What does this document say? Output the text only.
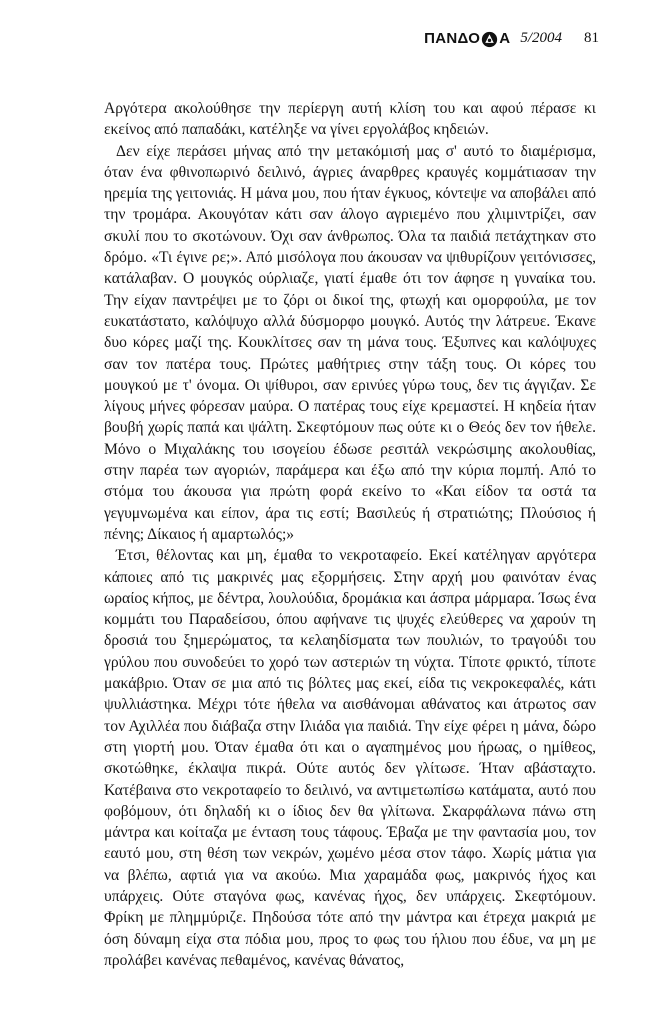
ΠΑΝΔΟ Α 5/2004 81

Αργότερα ακολούθησε την περίεργη αυτή κλίση του και αφού πέρασε κι εκείνος από παπαδάκι, κατέληξε να γίνει εργολάβος κηδειών.

Δεν είχε περάσει μήνας από την μετακόμισή μας σ' αυτό το διαμέρισμα, όταν ένα φθινοπωρινό δειλινό, άγριες άναρθρες κραυγές κομμάτιασαν την ηρεμία της γειτονιάς. Η μάνα μου, που ήταν έγκυος, κόντεψε να αποβάλει από την τρομάρα. Ακουγόταν κάτι σαν άλογο αγριεμένο που χλιμιντρίζει, σαν σκυλί που το σκοτώνουν. Όχι σαν άνθρωπος. Όλα τα παιδιά πετάχτηκαν στο δρόμο. «Τι έγινε ρε;». Από μισόλογα που άκουσαν να ψιθυρίζουν γειτόνισσες, κατάλαβαν. Ο μουγκός ούρλιαζε, γιατί έμαθε ότι τον άφησε η γυναίκα του. Την είχαν παντρέψει με το ζόρι οι δικοί της, φτωχή και ομορφούλα, με τον ευκατάστατο, καλόψυχο αλλά δύσμορφο μουγκό. Αυτός την λάτρευε. Έκανε δυο κόρες μαζί της. Κουκλίτσες σαν τη μάνα τους. Έξυπνες και καλόψυχες σαν τον πατέρα τους. Πρώτες μαθήτριες στην τάξη τους. Οι κόρες του μουγκού με τ' όνομα. Οι ψίθυροι, σαν ερινύες γύρω τους, δεν τις άγγιζαν. Σε λίγους μήνες φόρεσαν μαύρα. Ο πατέρας τους είχε κρεμαστεί. Η κηδεία ήταν βουβή χωρίς παπά και ψάλτη. Σκεφτόμουν πως ούτε κι ο Θεός δεν τον ήθελε. Μόνο ο Μιχαλάκης του ισογείου έδωσε ρεσιτάλ νεκρώσιμης ακολουθίας, στην παρέα των αγοριών, παράμερα και έξω από την κύρια πομπή. Από το στόμα του άκουσα για πρώτη φορά εκείνο το «Και είδον τα οστά τα γεγυμνωμένα και είπον, άρα τις εστί; Βασιλεύς ή στρατιώτης; Πλούσιος ή πένης; Δίκαιος ή αμαρτωλός;»

Έτσι, θέλοντας και μη, έμαθα το νεκροταφείο. Εκεί κατέληγαν αργότερα κάποιες από τις μακρινές μας εξορμήσεις. Στην αρχή μου φαινόταν ένας ωραίος κήπος, με δέντρα, λουλούδια, δρομάκια και άσπρα μάρμαρα. Ίσως ένα κομμάτι του Παραδείσου, όπου αφήνανε τις ψυχές ελεύθερες να χαρούν τη δροσιά του ξημερώματος, τα κελαηδίσματα των πουλιών, το τραγούδι του γρύλου που συνοδεύει το χορό των αστεριών τη νύχτα. Τίποτε φρικτό, τίποτε μακάβριο. Όταν σε μια από τις βόλτες μας εκεί, είδα τις νεκροκεφαλές, κάτι ψυλλιάστηκα. Μέχρι τότε ήθελα να αισθάνομαι αθάνατος και άτρωτος σαν τον Αχιλλέα που διάβαζα στην Ιλιάδα για παιδιά. Την είχε φέρει η μάνα, δώρο στη γιορτή μου. Όταν έμαθα ότι και ο αγαπημένος μου ήρωας, ο ημίθεος, σκοτώθηκε, έκλαψα πικρά. Ούτε αυτός δεν γλίτωσε. Ήταν αβάσταχτο. Κατέβαινα στο νεκροταφείο το δειλινό, να αντιμετωπίσω κατάματα, αυτό που φοβόμουν, ότι δηλαδή κι ο ίδιος δεν θα γλίτωνα. Σκαρφάλωνα πάνω στη μάντρα και κοίταζα με ένταση τους τάφους. Έβαζα με την φαντασία μου, τον εαυτό μου, στη θέση των νεκρών, χωμένο μέσα στον τάφο. Χωρίς μάτια για να βλέπω, αφτιά για να ακούω. Μια χαραμάδα φως, μακρινός ήχος και υπάρχεις. Ούτε σταγόνα φως, κανένας ήχος, δεν υπάρχεις. Σκεφτόμουν. Φρίκη με πλημμύριζε. Πηδούσα τότε από την μάντρα και έτρεχα μακριά με όση δύναμη είχα στα πόδια μου, προς το φως του ήλιου που έδυε, να μη με προλάβει κανένας πεθαμένος, κανένας θάνατος,
